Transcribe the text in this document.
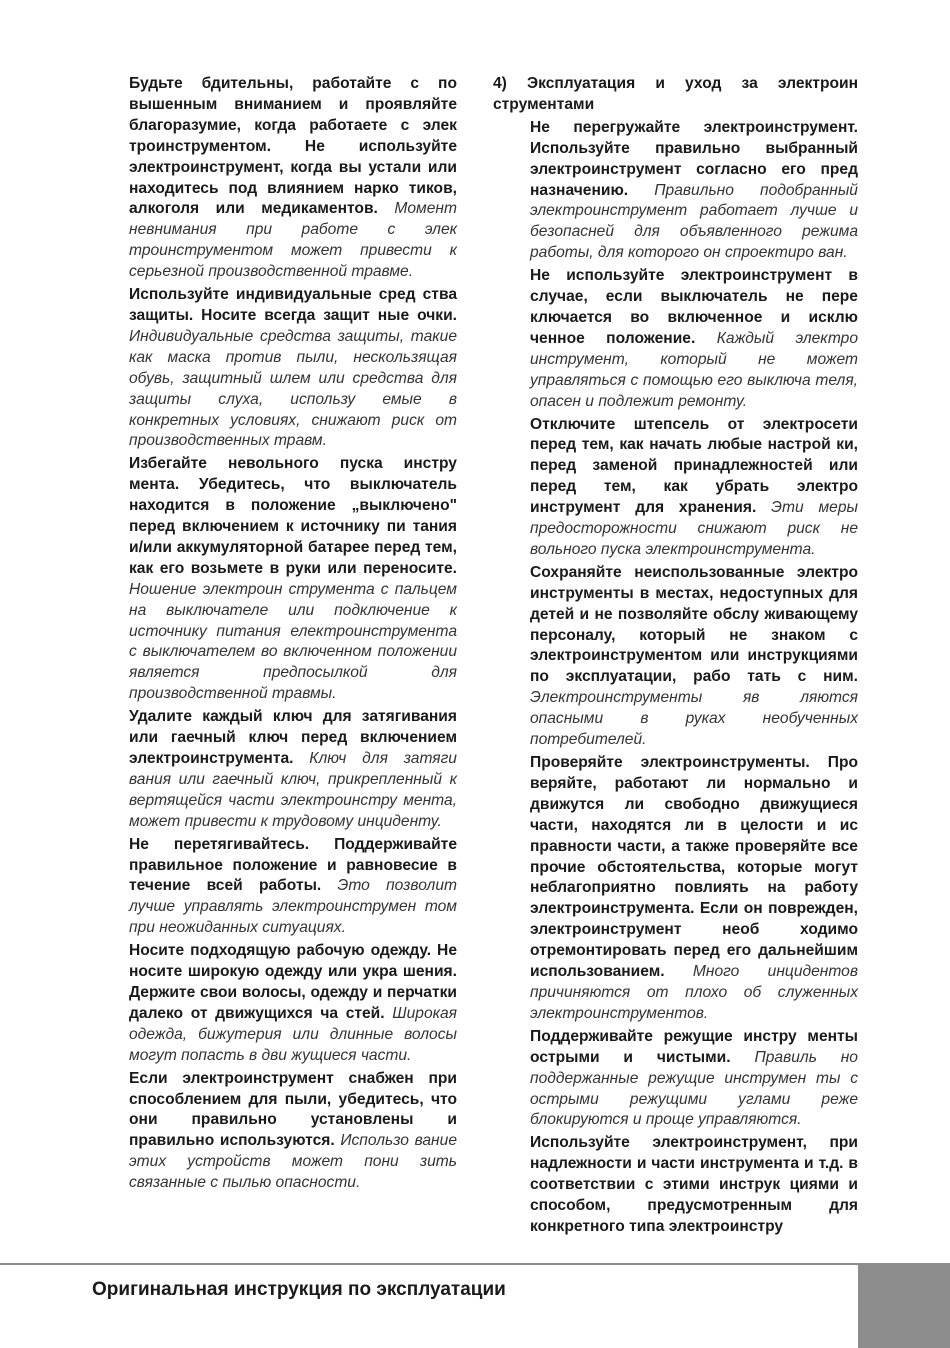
Будьте бдительны, работайте с по вышенным вниманием и проявляйте благоразумие, когда работаете с элек троинструментом. Не используйте электроинструмент, когда вы устали или находитесь под влиянием нарко тиков, алкоголя или медикаментов. Момент невнимания при работе с элек троинструментом может привести к серьезной производственной травме.

Используйте индивидуальные сред ства защиты. Носите всегда защит ные очки. Индивидуальные средства защиты, такие как маска против пыли, нескользящая обувь, защитный шлем или средства для защиты слуха, использу емые в конкретных условиях, снижают риск от производственных травм.

Избегайте невольного пуска инстру мента. Убедитесь, что выключатель находится в положение „выключено" перед включением к источнику пи тания и/или аккумуляторной батарее перед тем, как его возьмете в руки или переносите. Ношение электроин струмента с пальцем на выключателе или подключение к источнику питания електроинструмента с выключателем во включенном положении является предпосылкой для производственной травмы.

Удалите каждый ключ для затягивания или гаечный ключ перед включением электроинструмента. Ключ для затяги вания или гаечный ключ, прикрепленный к вертящейся части электроинстру мента, может привести к трудовому инциденту.

Не перетягивайтесь. Поддерживайте правильное положение и равновесие в течение всей работы. Это позволит лучше управлять электроинструмен том при неожиданных ситуациях.

Носите подходящую рабочую одежду. Не носите широкую одежду или укра шения. Держите свои волосы, одежду и перчатки далеко от движущихся ча стей. Широкая одежда, бижутерия или длинные волосы могут попасть в дви жущиеся части.

Если электроинструмент снабжен при способлением для пыли, убедитесь, что они правильно установлены и правильно используются. Использо вание этих устройств может пони зить связанные с пылью опасности.

4) Эксплуатация и уход за электроин струментами

Не перегружайте электроинструмент. Используйте правильно выбранный электроинструмент согласно его пред назначению. Правильно подобранный электроинструмент работает лучше и безопасней для объявленного режима работы, для которого он спроектиро ван.

Не используйте электроинструмент в случае, если выключатель не пере ключается во включенное и исклю ченное положение. Каждый электро инструмент, который не может управляться с помощью его выключа теля, опасен и подлежит ремонту.

Отключите штепсель от электросети перед тем, как начать любые настрой ки, перед заменой принадлежностей или перед тем, как убрать электро инструмент для хранения. Эти меры предосторожности снижают риск не вольного пуска электроинструмента.

Сохраняйте неиспользованные электро инструменты в местах, недоступных для детей и не позволяйте обслу живающему персоналу, который не знаком с электроинструментом или инструкциями по эксплуатации, рабо тать с ним. Электроинструменты яв ляются опасными в руках необученных потребителей.

Проверяйте электроинструменты. Про веряйте, работают ли нормально и движутся ли свободно движущиеся части, находятся ли в целости и ис правности части, а также проверяйте все прочие обстоятельства, которые могут неблагоприятно повлиять на работу электроинструмента. Если он поврежден, электроинструмент необ ходимо отремонтировать перед его дальнейшим использованием. Много инцидентов причиняются от плохо об служенных электроинструментов.

Поддерживайте режущие инстру менты острыми и чистыми. Правиль но поддержанные режущие инструмен ты с острыми режущими углами реже блокируются и проще управляются.

Используйте электроинструмент, при надлежности и части инструмента и т.д. в соответствии с этими инструк циями и способом, предусмотренным для конкретного типа электроинстру

Оригинальная инструкция по эксплуатации
